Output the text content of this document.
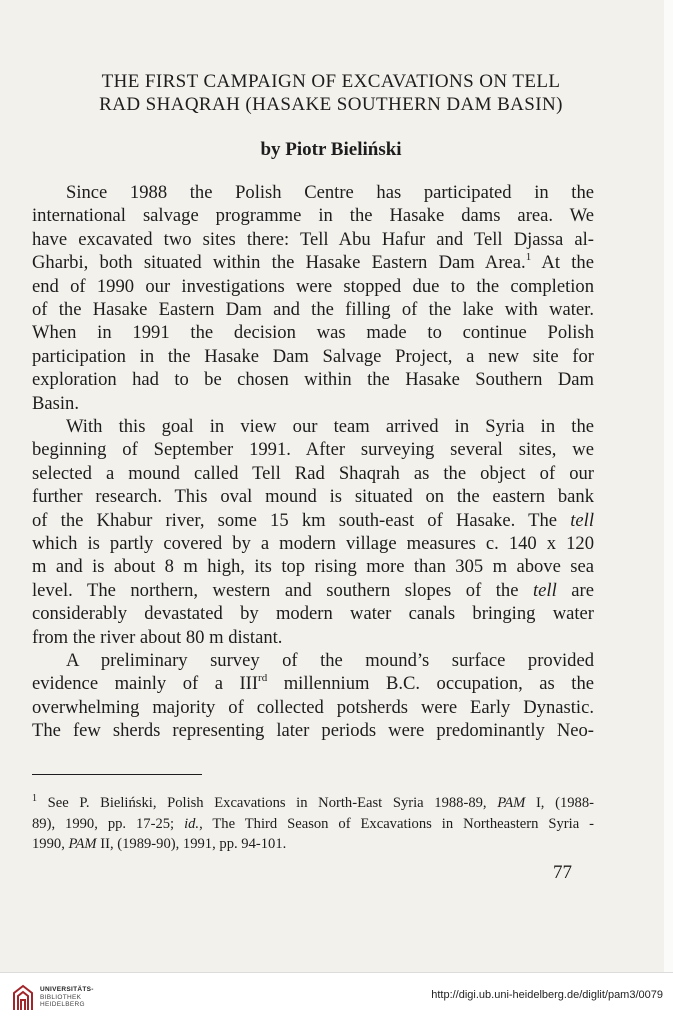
THE FIRST CAMPAIGN OF EXCAVATIONS ON TELL
RAD SHAQRAH (HASAKE SOUTHERN DAM BASIN)

by Piotr Bieliński

Since 1988 the Polish Centre has participated in the
international salvage programme in the Hasake dams area. We
have excavated two sites there: Tell Abu Hafur and Tell Djassa al-
Gharbi, both situated within the Hasake Eastern Dam Area.$^1$ At the
end of 1990 our investigations were stopped due to the completion
of the Hasake Eastern Dam and the filling of the lake with water.
When in 1991 the decision was made to continue Polish
participation in the Hasake Dam Salvage Project, a new site for
exploration had to be chosen within the Hasake Southern Dam
Basin.
With this goal in view our team arrived in Syria in the
beginning of September 1991. After surveying several sites, we
selected a mound called Tell Rad Shaqrah as the object of our
further research. This oval mound is situated on the eastern bank
of the Khabur river, some 15 km south-east of Hasake. The tell
which is partly covered by a modern village measures c. 140 x 120
m and is about 8 m high, its top rising more than 305 m above sea
level. The northern, western and southern slopes of the tell are
considerably devastated by modern water canals bringing water
from the river about 80 m distant.
A preliminary survey of the mound’s surface provided
evidence mainly of a IIIrd millennium B.C. occupation, as the
overwhelming majority of collected potsherds were Early Dynastic.
The few sherds representing later periods were predominantly Neo-
$^1$ See P. Bieliński, Polish Excavations in North-East Syria 1988-89, PAM I, (1988-
89), 1990, pp. 17-25; id., The Third Season of Excavations in Northeastern Syria -
1990, PAM II, (1989-90), 1991, pp. 94-101.
77
UNIVERSITÄTS-
BIBLIOTHEK
HEIDELBERG
http://digi.ub.uni-heidelberg.de/diglit/pam3/0079
